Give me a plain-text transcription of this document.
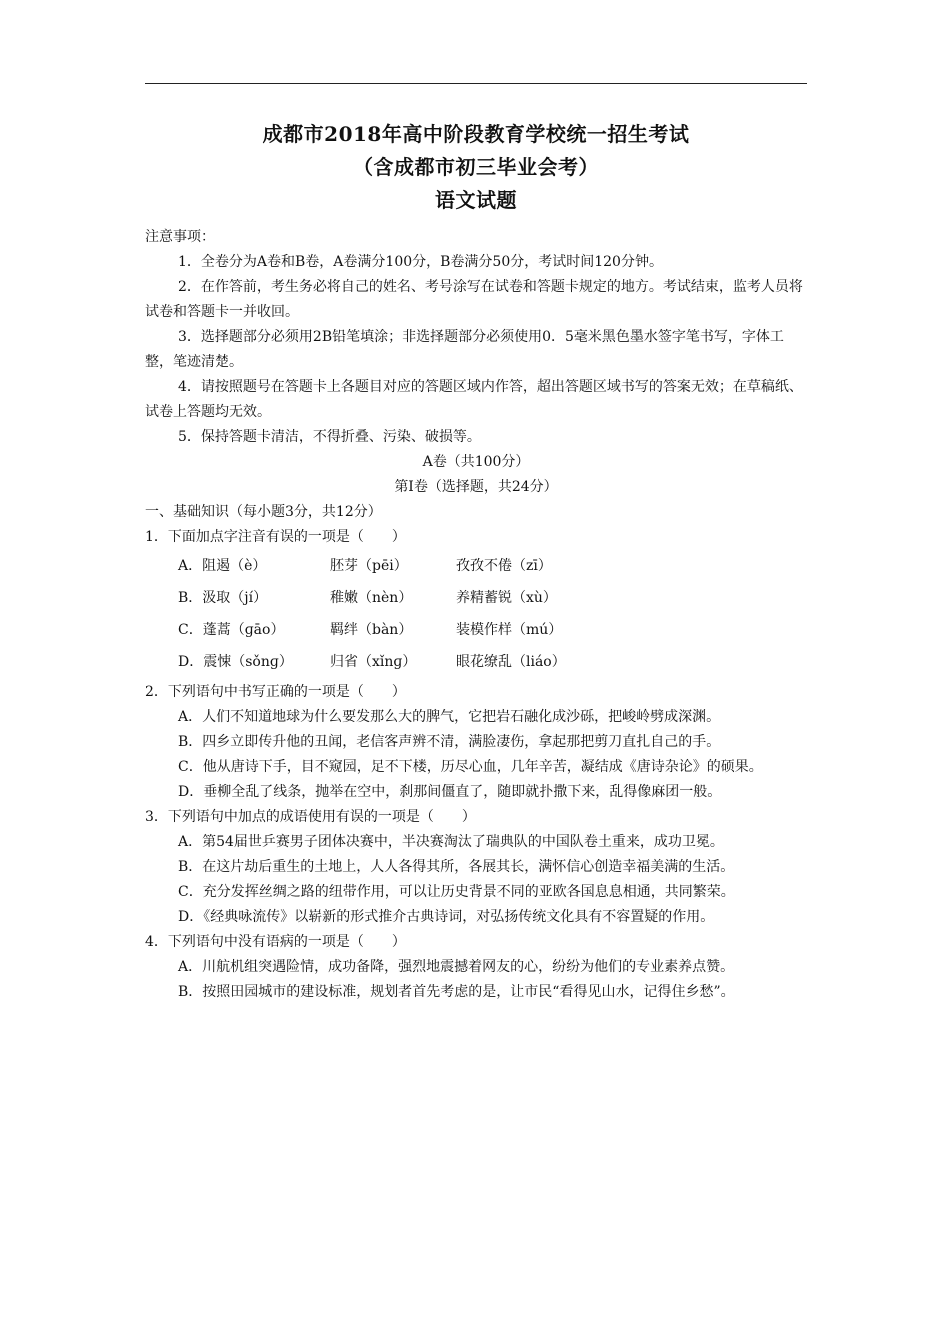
成都市2018年高中阶段教育学校统一招生考试
（含成都市初三毕业会考）
语文试题

注意事项：

1．全卷分为A卷和B卷，A卷满分100分，B卷满分50分，考试时间120分钟。

2．在作答前，考生务必将自己的姓名、考号涂写在试卷和答题卡规定的地方。考试结束，监考人员将试卷和答题卡一并收回。

3．选择题部分必须用2B铅笔填涂；非选择题部分必须使用0．5毫米黑色墨水签字笔书写，字体工整，笔迹清楚。

4．请按照题号在答题卡上各题目对应的答题区域内作答，超出答题区域书写的答案无效；在草稿纸、试卷上答题均无效。

5．保持答题卡清洁，不得折叠、污染、破损等。

A卷（共100分）

第Ⅰ卷（选择题，共24分）

一、基础知识（每小题3分，共12分）

1．下面加点字注音有误的一项是（　　）

A．阻遏（è）	胚芽（pēi）	孜孜不倦（zī）
B．汲取（jí）	稚嫩（nèn）	养精蓄锐（xù）
C．蓬蒿（ɡāo）	羁绊（bàn）	装模作样（mú）
D．震悚（sǒnɡ）	归省（xǐnɡ）	眼花缭乱（liáo）

2．下列语句中书写正确的一项是（　　）

A．人们不知道地球为什么要发那么大的脾气，它把岩石融化成沙砾，把峻岭劈成深渊。

B．四乡立即传升他的丑闻，老信客声辨不清，满脸凄伤，拿起那把剪刀直扎自己的手。

C．他从唐诗下手，目不窥园，足不下楼，历尽心血，几年辛苦，凝结成《唐诗杂论》的硕果。

D．垂柳全乱了线条，抛举在空中，刹那间僵直了，随即就扑撒下来，乱得像麻团一般。

3．下列语句中加点的成语使用有误的一项是（　　）

A．第54届世乒赛男子团体决赛中，半决赛淘汰了瑞典队的中国队卷土重来，成功卫冕。

B．在这片劫后重生的土地上，人人各得其所，各展其长，满怀信心创造幸福美满的生活。

C．充分发挥丝绸之路的纽带作用，可以让历史背景不同的亚欧各国息息相通，共同繁荣。

D．《经典咏流传》以崭新的形式推介古典诗词，对弘扬传统文化具有不容置疑的作用。

4．下列语句中没有语病的一项是（　　）

A．川航机组突遇险情，成功备降，强烈地震撼着网友的心，纷纷为他们的专业素养点赞。

B．按照田园城市的建设标准，规划者首先考虑的是，让市民“看得见山水，记得住乡愁”。
